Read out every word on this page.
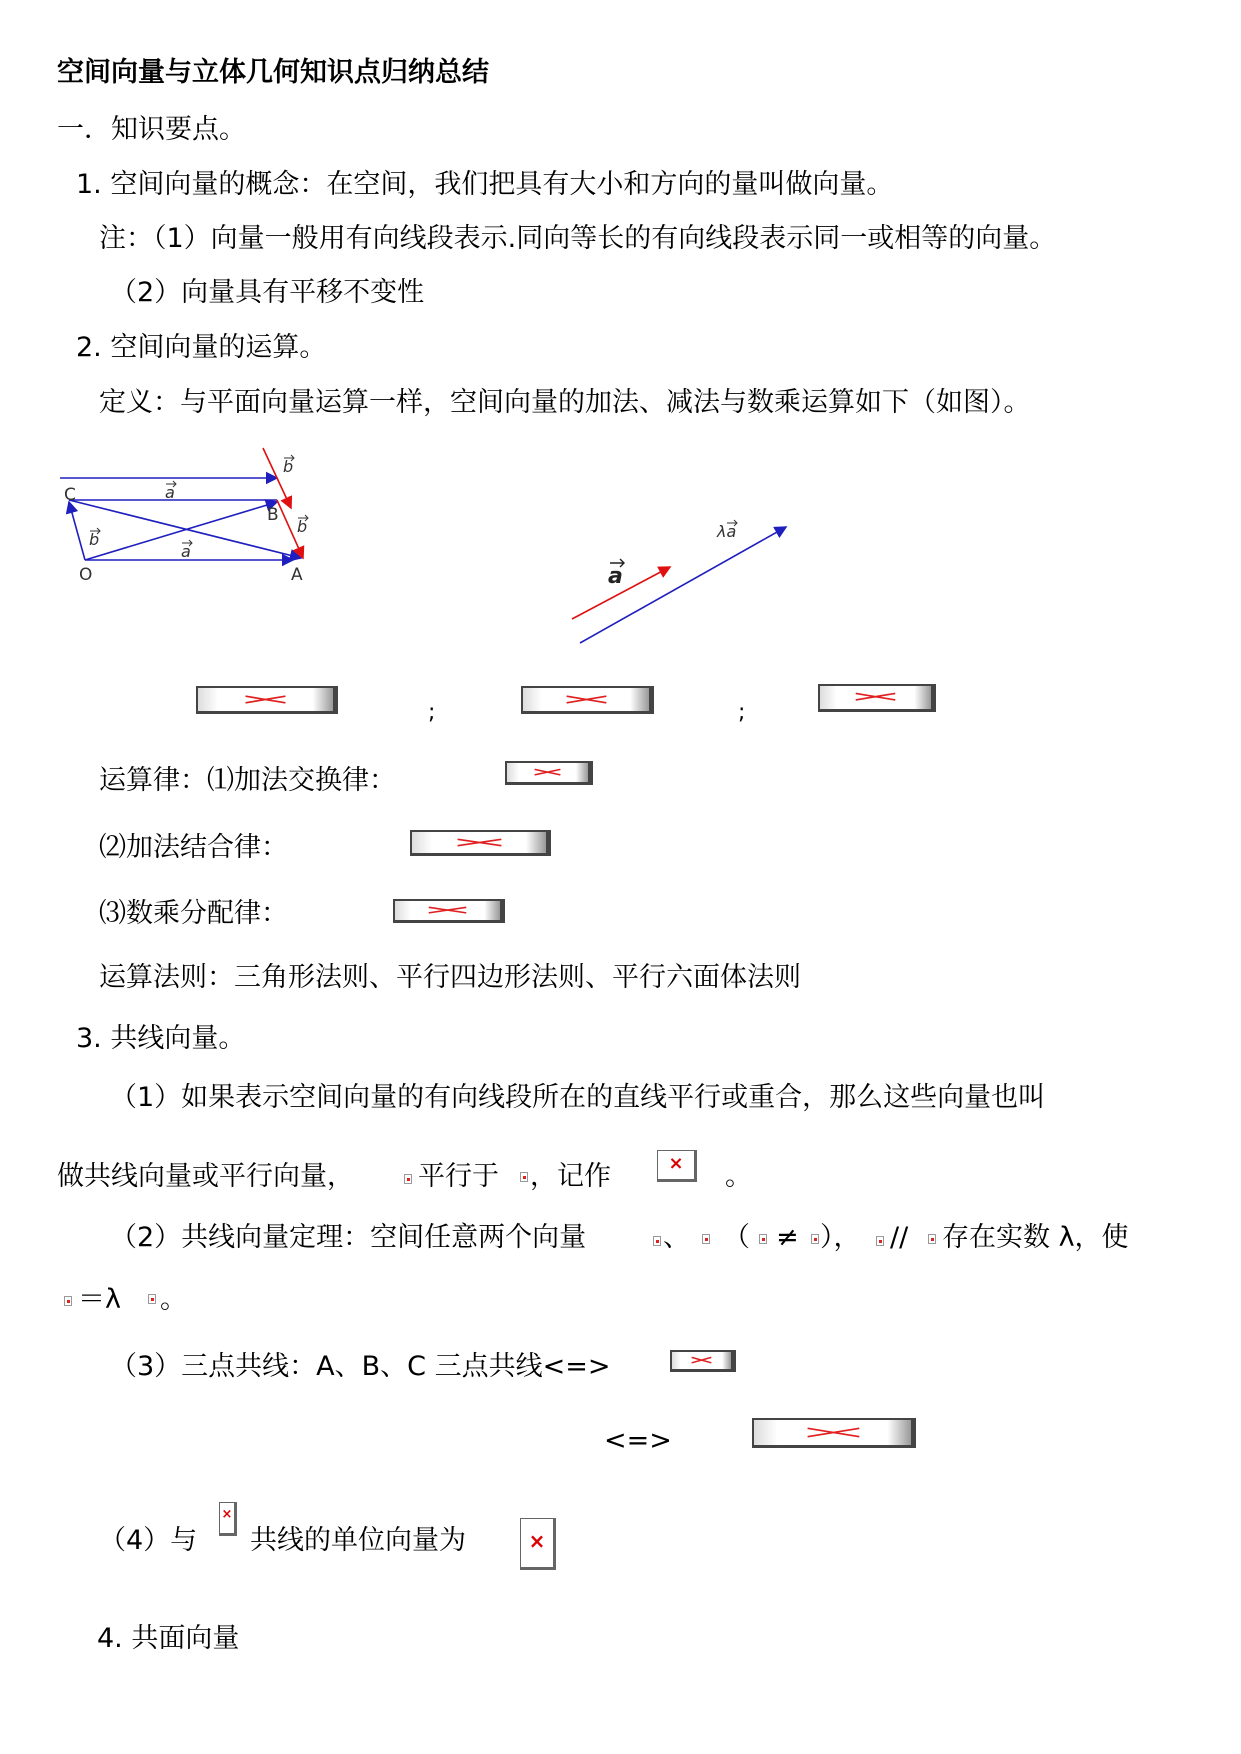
空间向量与立体几何知识点归纳总结
一．知识要点。
1. 空间向量的概念：在空间，我们把具有大小和方向的量叫做向量。
注：（1）向量一般用有向线段表示.同向等长的有向线段表示同一或相等的向量。
（2）向量具有平移不变性
2. 空间向量的运算。
定义：与平面向量运算一样，空间向量的加法、减法与数乘运算如下（如图）。
C
B
O	A
a
a
b
b
b
a
λa
;	;
运算律：⑴加法交换律：
⑵加法结合律：
⑶数乘分配律：
运算法则：三角形法则、平行四边形法则、平行六面体法则
3. 共线向量。
（1）如果表示空间向量的有向线段所在的直线平行或重合，那么这些向量也叫
做共线向量或平行向量， 平行于 ，记作	×	。
（2）共线向量定理：空间任意两个向量	、 （ ≠ ）， // 存在实数 λ，使
＝λ 。
（3）三点共线：A、B、C 三点共线<=>
<=>
（4）与
×
共线的单位向量为	×
4. 共面向量
